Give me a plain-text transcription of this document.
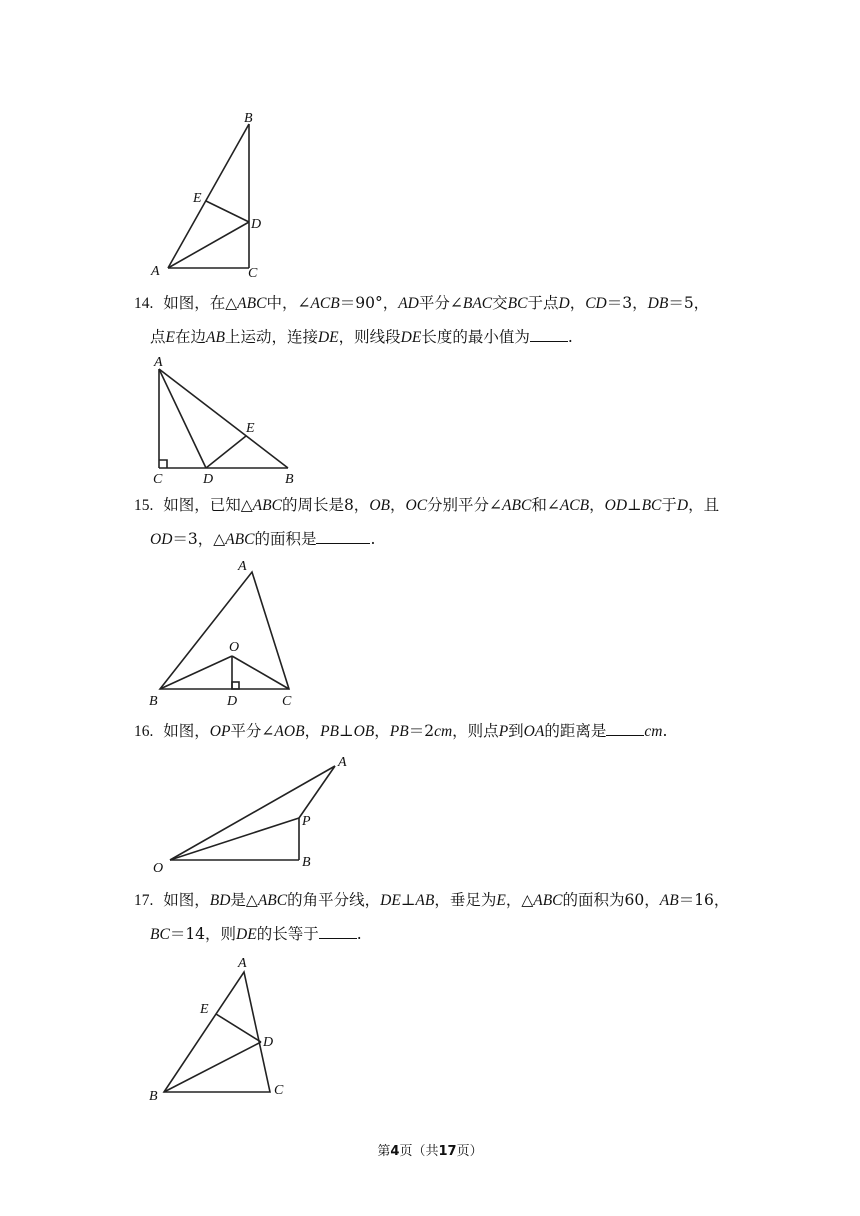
B
E
D
A	C
14. 如图，在△ABC中，∠ACB＝90°，AD平分∠BAC交BC于点D，CD＝3，DB＝5，
点E在边AB上运动，连接DE，则线段DE长度的最小值为 .
A
E
C	D	B
15. 如图，已知△ABC的周长是8，OB，OC分别平分∠ABC和∠ACB，OD⊥BC于D，且
OD＝3，△ABC的面积是	.
A
O
B	D	C
16. 如图，OP平分∠AOB，PB⊥OB，PB＝2cm，则点P到OA的距离是 cm.
A
P
O	B
17. 如图，BD是△ABC的角平分线，DE⊥AB，垂足为E，△ABC的面积为60，AB＝16，
BC＝14，则DE的长等于 .
A
E
D
B	C
第4页（共17页）
